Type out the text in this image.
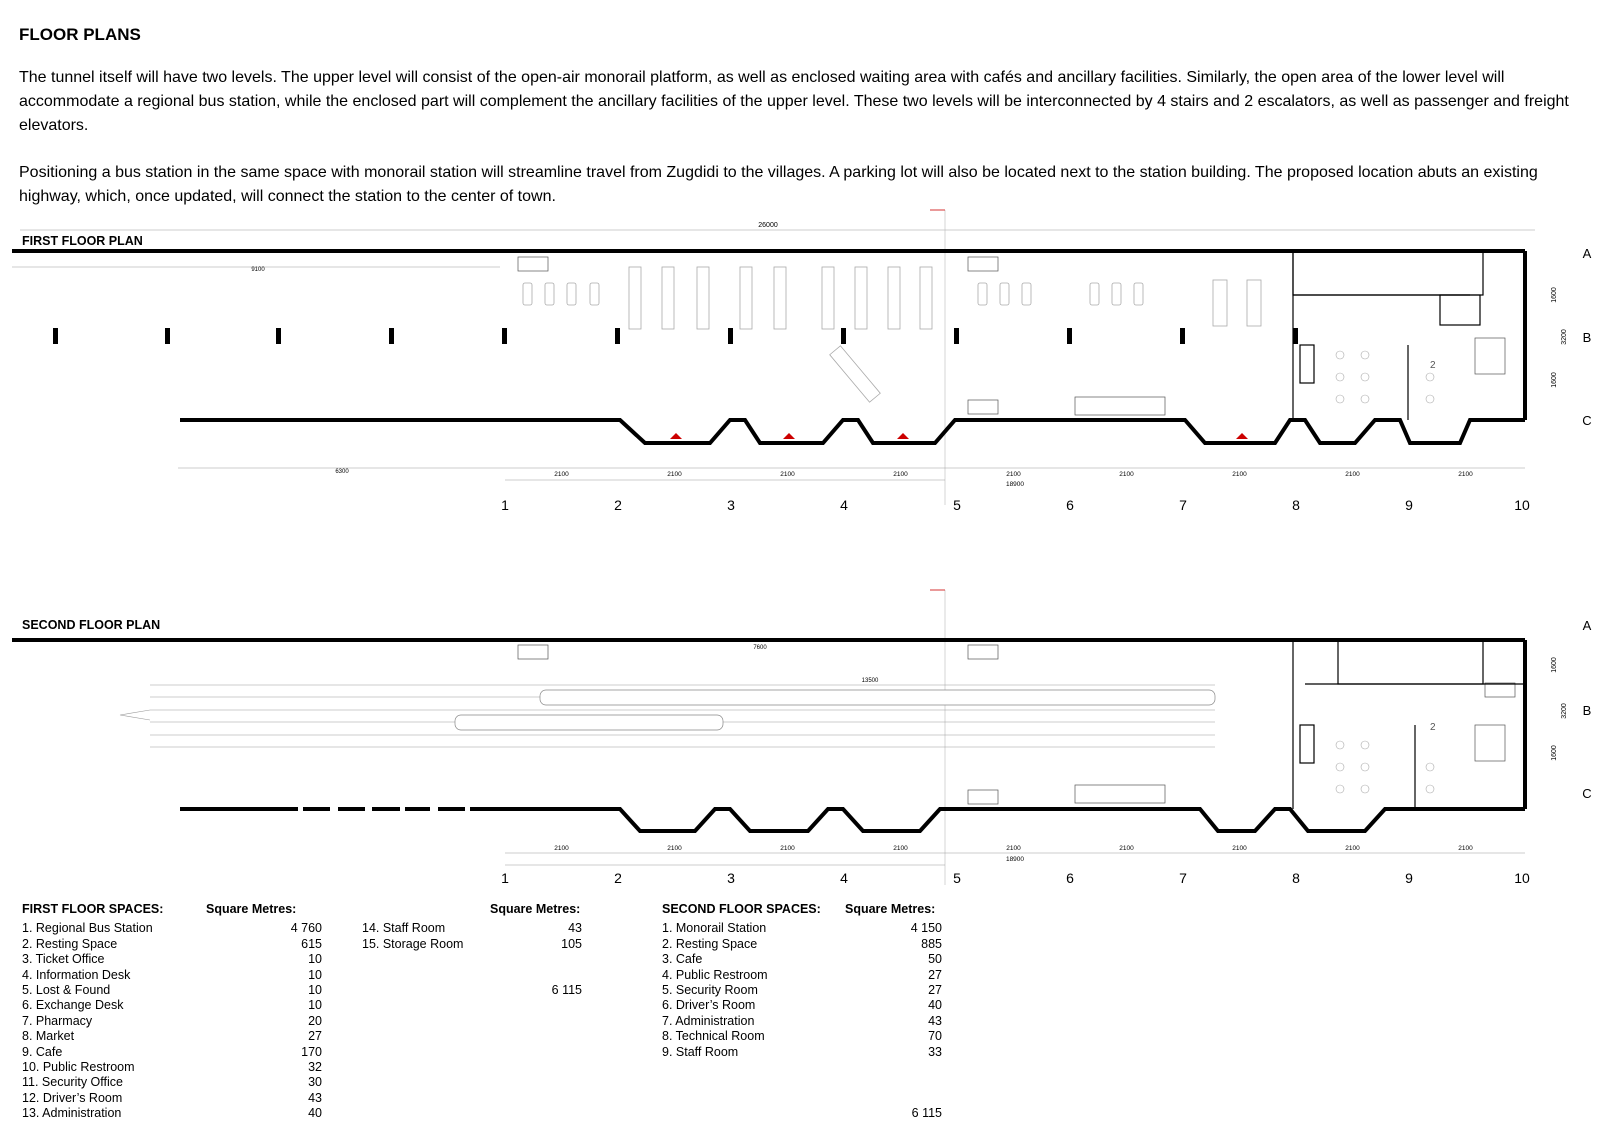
FLOOR PLANS

The tunnel itself will have two levels. The upper level will consist of the open-air monorail platform, as well as enclosed waiting area with cafés and ancillary facilities. Similarly, the open area of the lower level will accommodate a regional bus station, while the enclosed part will complement the ancillary facilities of the upper level. These two levels will be interconnected by 4 stairs and 2 escalators, as well as passenger and freight elevators.

Positioning a bus station in the same space with monorail station will streamline travel from Zugdidi to the villages. A parking lot will also be located next to the station building. The proposed location abuts an existing highway, which, once updated, will connect the station to the center of town.

FIRST FLOOR PLAN
26000
9100
2
6300
18900
2100	2100	2100	2100	2100	2100	2100	2100	2100
1	2	3	4	5	6	7	8	9	10
A
B
C
1600
3200
1600
SECOND FLOOR PLAN
7600
13500
2
18900
2100	2100	2100	2100	2100	2100	2100	2100	2100
1	2	3	4	5	6	7	8	9	10
A
B
C
1600
3200
1600
FIRST FLOOR SPACES:	Square Metres:
1. Regional Bus Station	4 760
2. Resting Space	615
3. Ticket Office	10
4. Information Desk	10
5. Lost & Found	10
6. Exchange Desk	10
7. Pharmacy	20
8. Market	27
9. Cafe	170
10. Public Restroom	32
11. Security Office	30
12. Driver’s Room	43
13. Administration	40
Square Metres:
14. Staff Room	43
15. Storage Room	105
6 115
SECOND FLOOR SPACES: Square Metres:
1. Monorail Station	4 150
2. Resting Space	885
3. Cafe	50
4. Public Restroom	27
5. Security Room	27
6. Driver’s Room	40
7. Administration	43
8. Technical Room	70
9. Staff Room	33
6 115
